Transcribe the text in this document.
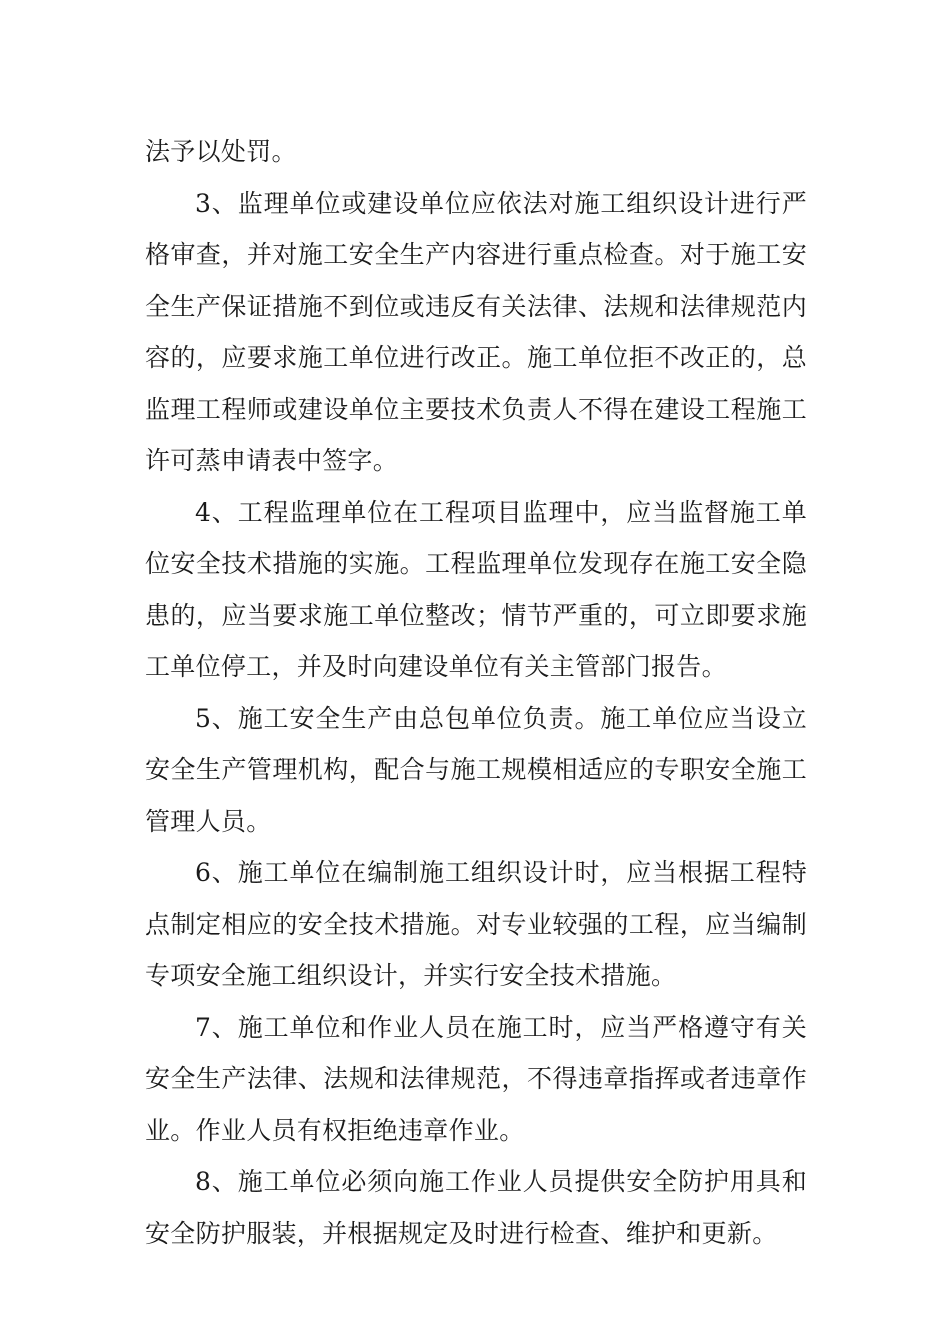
法予以处罚。

3、监理单位或建设单位应依法对施工组织设计进行严格审查，并对施工安全生产内容进行重点检查。对于施工安全生产保证措施不到位或违反有关法律、法规和法律规范内容的，应要求施工单位进行改正。施工单位拒不改正的，总监理工程师或建设单位主要技术负责人不得在建设工程施工许可蒸申请表中签字。

4、工程监理单位在工程项目监理中，应当监督施工单位安全技术措施的实施。工程监理单位发现存在施工安全隐患的，应当要求施工单位整改；情节严重的，可立即要求施工单位停工，并及时向建设单位有关主管部门报告。

5、施工安全生产由总包单位负责。施工单位应当设立安全生产管理机构，配合与施工规模相适应的专职安全施工管理人员。

6、施工单位在编制施工组织设计时，应当根据工程特点制定相应的安全技术措施。对专业较强的工程，应当编制专项安全施工组织设计，并实行安全技术措施。

7、施工单位和作业人员在施工时，应当严格遵守有关安全生产法律、法规和法律规范，不得违章指挥或者违章作业。作业人员有权拒绝违章作业。

8、施工单位必须向施工作业人员提供安全防护用具和安全防护服装，并根据规定及时进行检查、维护和更新。
